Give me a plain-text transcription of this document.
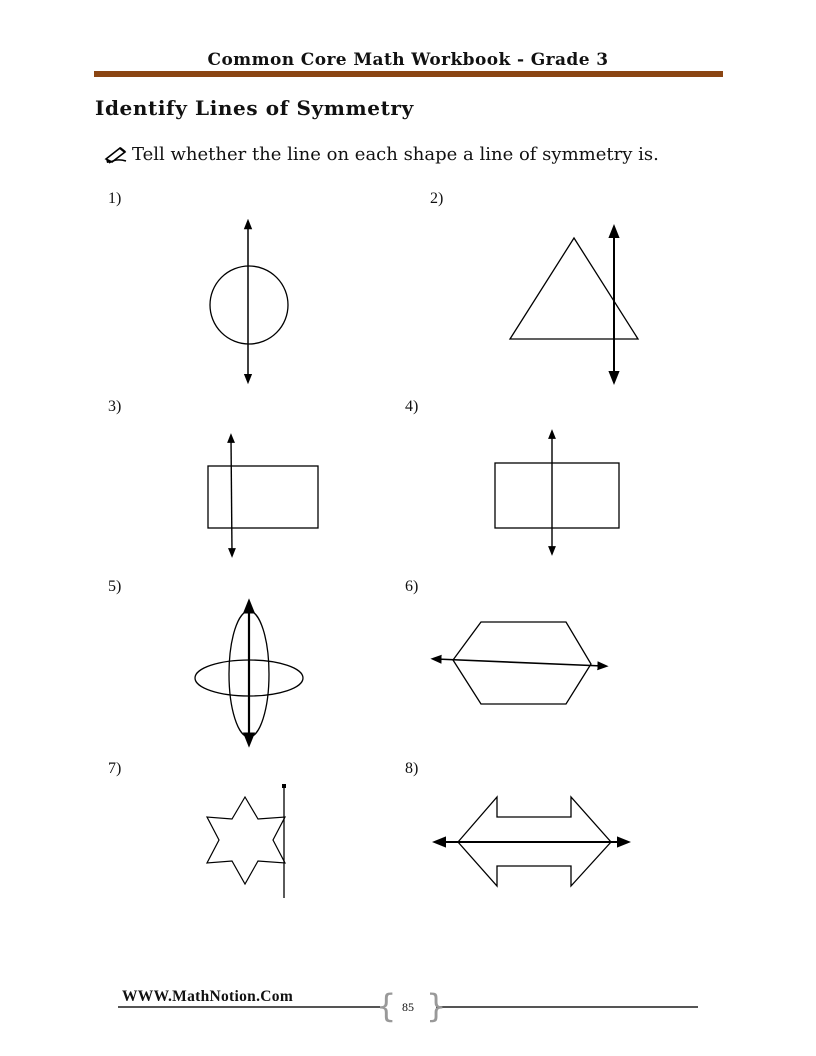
Common Core Math Workbook - Grade 3
Identify Lines of Symmetry
Tell whether the line on each shape a line of symmetry is.
1)	2)
3)	4)
5)	6)
7)	8)
WWW.MathNotion.Com	{ 85 }
